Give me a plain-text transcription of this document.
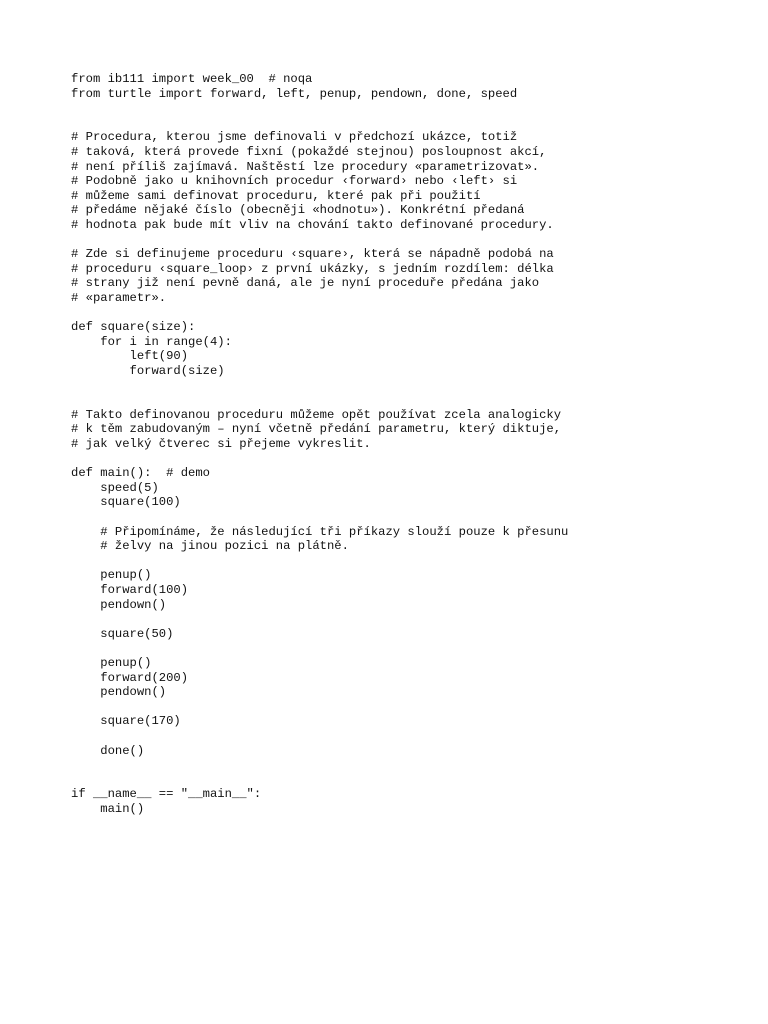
from ib111 import week_00  # noqa
from turtle import forward, left, penup, pendown, done, speed
# Procedura, kterou jsme definovali v předchozí ukázce, totiž
# taková, která provede fixní (pokaždé stejnou) posloupnost akcí,
# není příliš zajímavá. Naštěstí lze procedury «parametrizovat».
# Podobně jako u knihovních procedur ‹forward› nebo ‹left› si
# můžeme sami definovat proceduru, které pak při použití
# předáme nějaké číslo (obecněji «hodnotu»). Konkrétní předaná
# hodnota pak bude mít vliv na chování takto definované procedury.
# Zde si definujeme proceduru ‹square›, která se nápadně podobá na
# proceduru ‹square_loop› z první ukázky, s jedním rozdílem: délka
# strany již není pevně daná, ale je nyní proceduře předána jako
# «parametr».
def square(size):
for i in range(4):
left(90)
forward(size)
# Takto definovanou proceduru můžeme opět používat zcela analogicky
# k těm zabudovaným – nyní včetně předání parametru, který diktuje,
# jak velký čtverec si přejeme vykreslit.
def main():  # demo
speed(5)
square(100)
# Připomínáme, že následující tři příkazy slouží pouze k přesunu
# želvy na jinou pozici na plátně.
penup()
forward(100)
pendown()
square(50)
penup()
forward(200)
pendown()
square(170)
done()
if __name__ == "__main__":
main()
